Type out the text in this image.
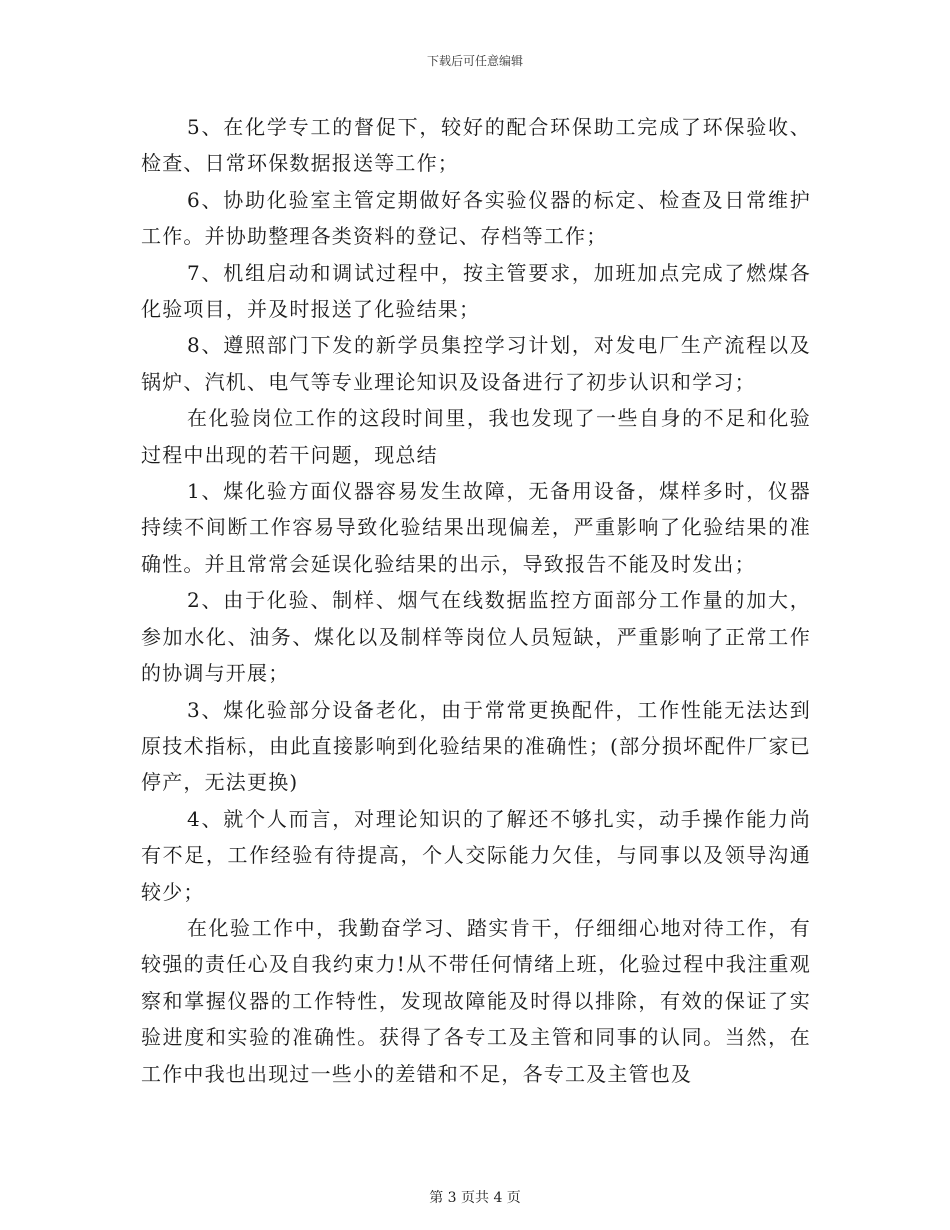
下载后可任意编辑

5、在化学专工的督促下，较好的配合环保助工完成了环保验收、检查、日常环保数据报送等工作；

6、协助化验室主管定期做好各实验仪器的标定、检查及日常维护工作。并协助整理各类资料的登记、存档等工作；

7、机组启动和调试过程中，按主管要求，加班加点完成了燃煤各化验项目，并及时报送了化验结果；

8、遵照部门下发的新学员集控学习计划，对发电厂生产流程以及锅炉、汽机、电气等专业理论知识及设备进行了初步认识和学习；

在化验岗位工作的这段时间里，我也发现了一些自身的不足和化验过程中出现的若干问题，现总结

1、煤化验方面仪器容易发生故障，无备用设备，煤样多时，仪器持续不间断工作容易导致化验结果出现偏差，严重影响了化验结果的准确性。并且常常会延误化验结果的出示，导致报告不能及时发出；

2、由于化验、制样、烟气在线数据监控方面部分工作量的加大，参加水化、油务、煤化以及制样等岗位人员短缺，严重影响了正常工作的协调与开展；

3、煤化验部分设备老化，由于常常更换配件，工作性能无法达到原技术指标，由此直接影响到化验结果的准确性；(部分损坏配件厂家已停产，无法更换)

4、就个人而言，对理论知识的了解还不够扎实，动手操作能力尚有不足，工作经验有待提高，个人交际能力欠佳，与同事以及领导沟通较少；

在化验工作中，我勤奋学习、踏实肯干，仔细细心地对待工作，有较强的责任心及自我约束力!从不带任何情绪上班，化验过程中我注重观察和掌握仪器的工作特性，发现故障能及时得以排除，有效的保证了实验进度和实验的准确性。获得了各专工及主管和同事的认同。当然，在工作中我也出现过一些小的差错和不足，各专工及主管也及

第 3 页共 4 页
